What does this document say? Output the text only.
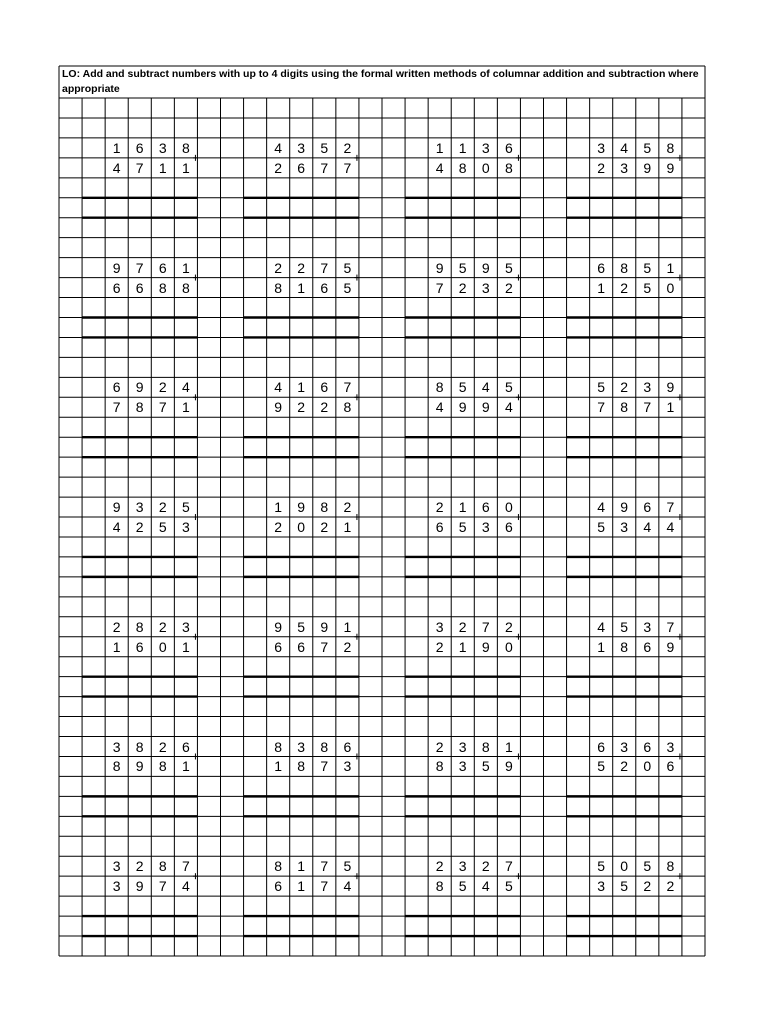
LO: Add and subtract numbers with up to 4 digits using the formal written methods of columnar addition and subtraction where appropriate
1	6	3	8
4	7	1	1
4	3	5	2
2	6	7	7
1	1	3	6
4	8	0	8
3	4	5	8
2	3	9	9
9	7	6	1
6	6	8	8
2	2	7	5
8	1	6	5
9	5	9	5
7	2	3	2
6	8	5	1
1	2	5	0
6	9	2	4
7	8	7	1
4	1	6	7
9	2	2	8
8	5	4	5
4	9	9	4
5	2	3	9
7	8	7	1
9	3	2	5
4	2	5	3
1	9	8	2
2	0	2	1
2	1	6	0
6	5	3	6
4	9	6	7
5	3	4	4
2	8	2	3
1	6	0	1
9	5	9	1
6	6	7	2
3	2	7	2
2	1	9	0
4	5	3	7
1	8	6	9
3	8	2	6
8	9	8	1
8	3	8	6
1	8	7	3
2	3	8	1
8	3	5	9
6	3	6	3
5	2	0	6
3	2	8	7
3	9	7	4
8	1	7	5
6	1	7	4
2	3	2	7
8	5	4	5
5	0	5	8
3	5	2	2
